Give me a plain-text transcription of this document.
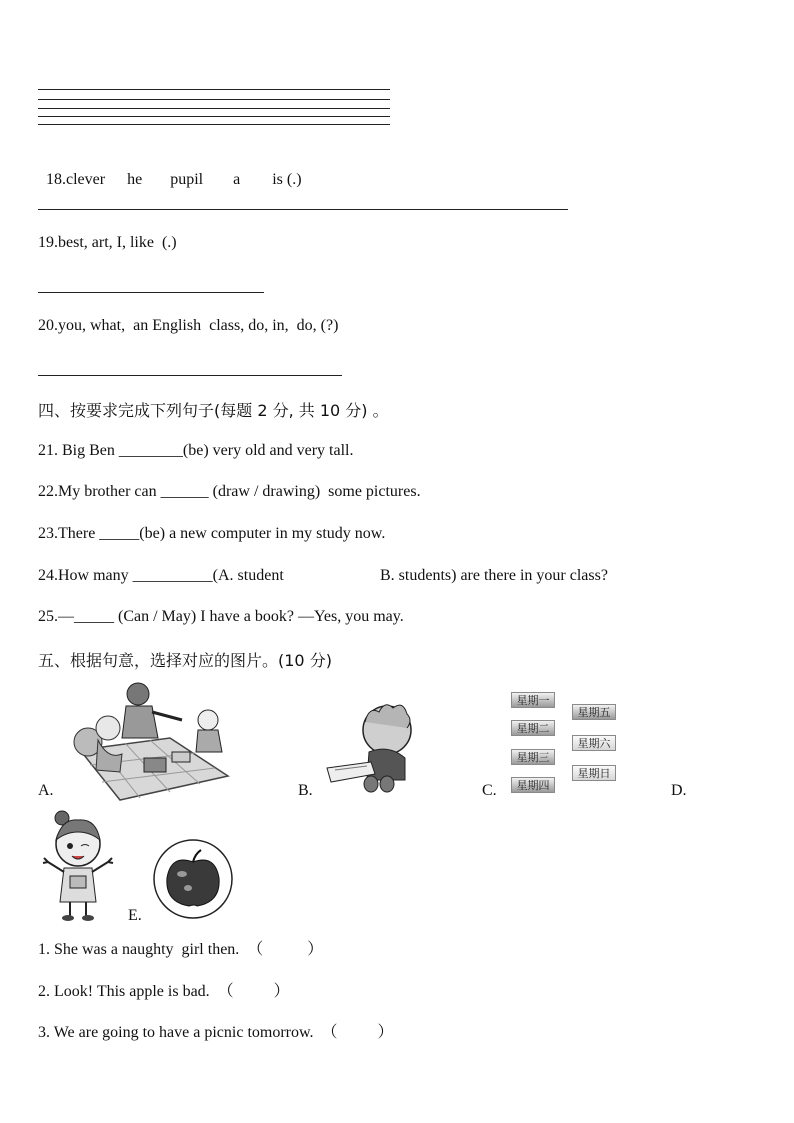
18.clever he pupil a is (.)

19.best, art, I, like  (.)
20.you, what,  an English  class, do, in,  do, (?)
四、按要求完成下列句子(每题 2 分, 共 10 分) 。
21. Big Ben ________(be) very old and very tall.
22.My brother can ______ (draw / drawing)  some pictures.
23.There _____(be) a new computer in my study now.
24.How many __________(A. student	B. students) are there in your class?
25.—_____ (Can / May) I have a book? —Yes, you may.
五、根据句意，选择对应的图片。(10 分)
A.	B.
星期一
星期二
星期三
星期四
星期五
星期六
星期日
C.	D.
E.
1. She was a naughty  girl then.  （           ）
2. Look! This apple is bad.  （          ）
3. We are going to have a picnic tomorrow.  （          ）
